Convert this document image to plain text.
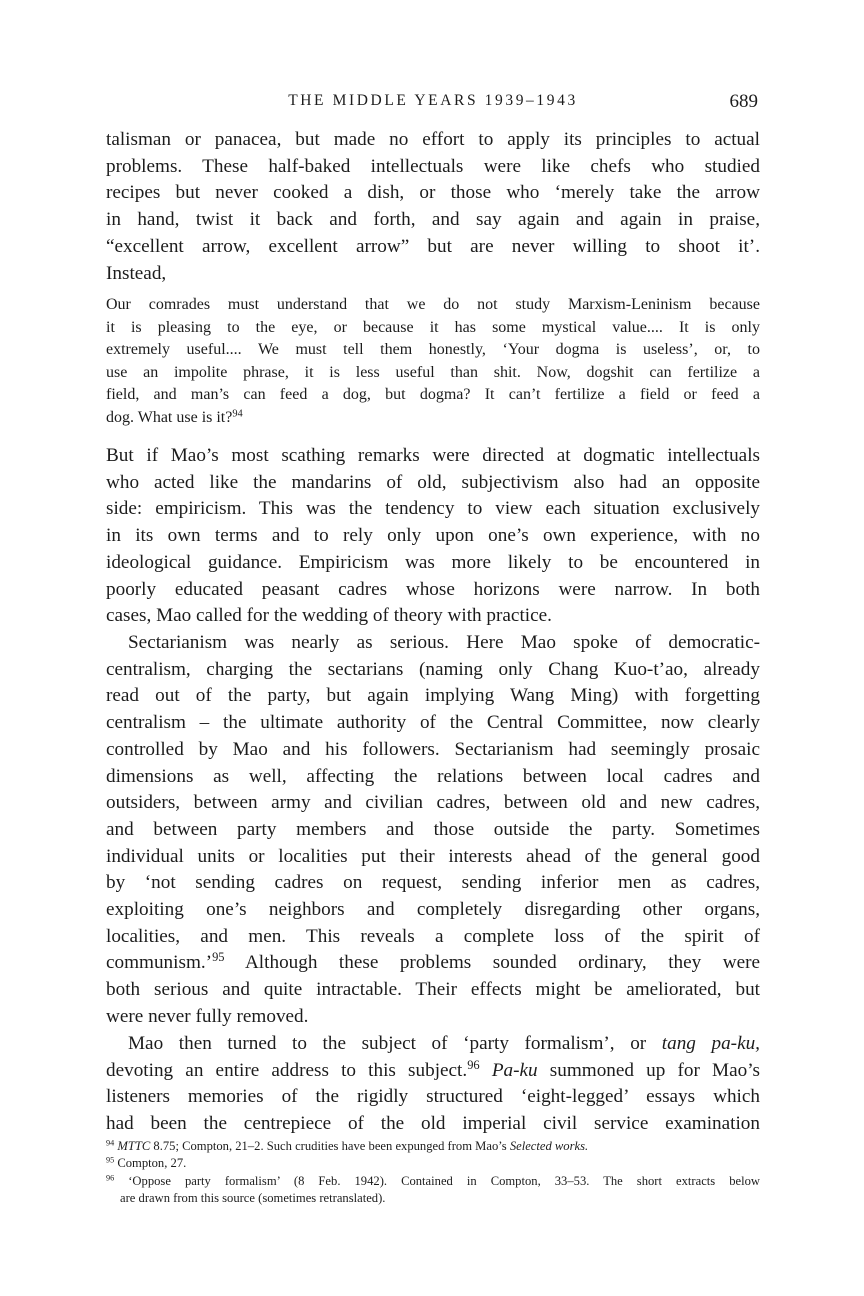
THE MIDDLE YEARS 1939–1943	689
talisman or panacea, but made no effort to apply its principles to actual
problems. These half-baked intellectuals were like chefs who studied
recipes but never cooked a dish, or those who ‘merely take the arrow
in hand, twist it back and forth, and say again and again in praise,
“excellent arrow, excellent arrow” but are never willing to shoot it’.
Instead,
Our comrades must understand that we do not study Marxism-Leninism because
it is pleasing to the eye, or because it has some mystical value.... It is only
extremely useful.... We must tell them honestly, ‘Your dogma is useless’, or, to
use an impolite phrase, it is less useful than shit. Now, dogshit can fertilize a
field, and man’s can feed a dog, but dogma? It can’t fertilize a field or feed a
dog. What use is it?$^{94}$
But if Mao’s most scathing remarks were directed at dogmatic intellectuals
who acted like the mandarins of old, subjectivism also had an opposite
side: empiricism. This was the tendency to view each situation exclusively
in its own terms and to rely only upon one’s own experience, with no
ideological guidance. Empiricism was more likely to be encountered in
poorly educated peasant cadres whose horizons were narrow. In both
cases, Mao called for the wedding of theory with practice.
Sectarianism was nearly as serious. Here Mao spoke of democratic-
centralism, charging the sectarians (naming only Chang Kuo-t’ao, already
read out of the party, but again implying Wang Ming) with forgetting
centralism – the ultimate authority of the Central Committee, now clearly
controlled by Mao and his followers. Sectarianism had seemingly prosaic
dimensions as well, affecting the relations between local cadres and
outsiders, between army and civilian cadres, between old and new cadres,
and between party members and those outside the party. Sometimes
individual units or localities put their interests ahead of the general good
by ‘not sending cadres on request, sending inferior men as cadres,
exploiting one’s neighbors and completely disregarding other organs,
localities, and men. This reveals a complete loss of the spirit of
communism.’$^{95}$ Although these problems sounded ordinary, they were
both serious and quite intractable. Their effects might be ameliorated, but
were never fully removed.
Mao then turned to the subject of ‘party formalism’, or tang pa-ku,
devoting an entire address to this subject.$^{96}$ Pa-ku summoned up for Mao’s
listeners memories of the rigidly structured ‘eight-legged’ essays which
had been the centrepiece of the old imperial civil service examination
$^{94}$ MTTC 8.75; Compton, 21–2. Such crudities have been expunged from Mao’s Selected works.
$^{95}$ Compton, 27.
$^{96}$ ‘Oppose party formalism’ (8 Feb. 1942). Contained in Compton, 33–53. The short extracts below
are drawn from this source (sometimes retranslated).
